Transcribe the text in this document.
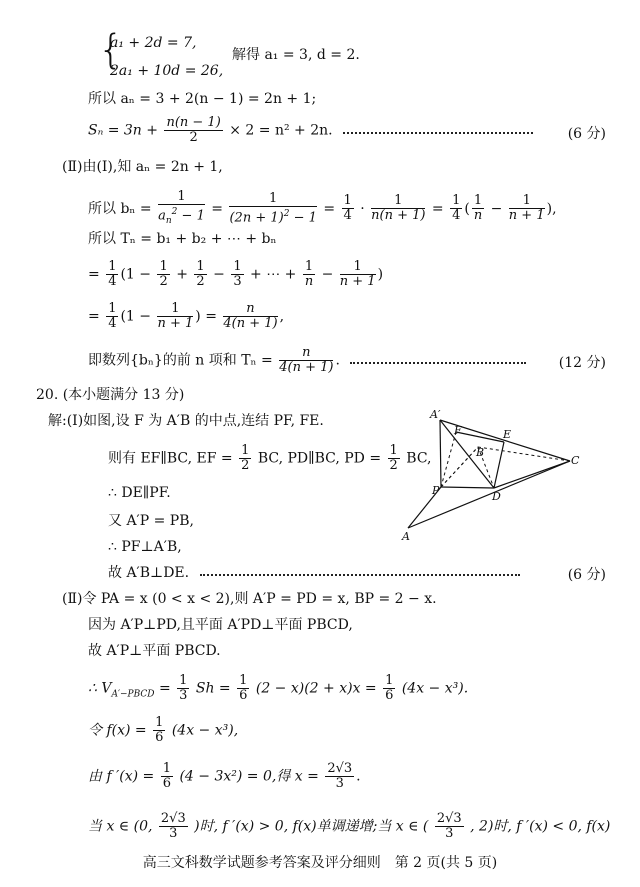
{
a₁ + 2d = 7,
2a₁ + 10d = 26,
解得 a₁ = 3, d = 2.
所以 aₙ = 3 + 2(n − 1) = 2n + 1;
$S_n = 3n + \frac{n(n - 1)}{2} \times 2 = n^2 + 2n$.	(6 分)
(Ⅱ)由(Ⅰ),知 aₙ = 2n + 1,
所以 $b_n = \frac{1}{a_n^2 - 1} = \frac{1}{(2n + 1)^2 - 1} = \frac{1}{4} \cdot \frac{1}{n(n + 1)} = \frac{1}{4}$ ( $\frac{1}{n} - \frac{1}{n + 1}$ ),
所以 Tₙ = b₁ + b₂ + ⋯ + bₙ
= $\frac{1}{4} (1 - \frac{1}{2} + \frac{1}{2} - \frac{1}{3}$ + ⋯ + $\frac{1}{n} - \frac{1}{n + 1}$ )
= $\frac{1}{4} (1 - \frac{1}{n + 1}$ ) = $\frac{n}{4(n + 1)}$ ,
即数列{bₙ}的前 n 项和 $T_n = \frac{n}{4(n + 1)}$ .	(12 分)
20. (本小题满分 13 分)
解:(Ⅰ)如图,设 F 为 A′B 的中点,连结 PF, FE.
则有 EF∥BC, EF = $\frac{1}{2}$ BC, PD∥BC, PD = $\frac{1}{2}$ BC,
∴ DE∥PF.
又 A′P = PB,
∴ PF⊥A′B,
故 A′B⊥DE.	(6 分)
A′
F	E
B
C
P	D
A
(Ⅱ)令 PA = x (0 < x < 2),则 A′P = PD = x, BP = 2 − x.
因为 A′P⊥PD,且平面 A′PD⊥平面 PBCD,
故 A′P⊥平面 PBCD.
∴ $V_{A'-PBCD} = \frac{1}{3}$ $Sh = \frac{1}{6} (2 - x)(2 + x)x = \frac{1}{6} (4x - x^3)$.
令 $f(x) = \frac{1}{6} (4x - x^3)$,
由 f $'(x) = \frac{1}{6} (4 - 3x^2) = 0$,得 $x = \frac{2√3}{3}$ .
当 x ∈ (0, $\frac{2√3}{3}$ )时, f ′(x) > 0, f(x)单调递增;当 x ∈ ( $\frac{2√3}{3}$ , 2)时, f ′(x) < 0, f(x)
高三文科数学试题参考答案及评分细则　第 2 页(共 5 页)
